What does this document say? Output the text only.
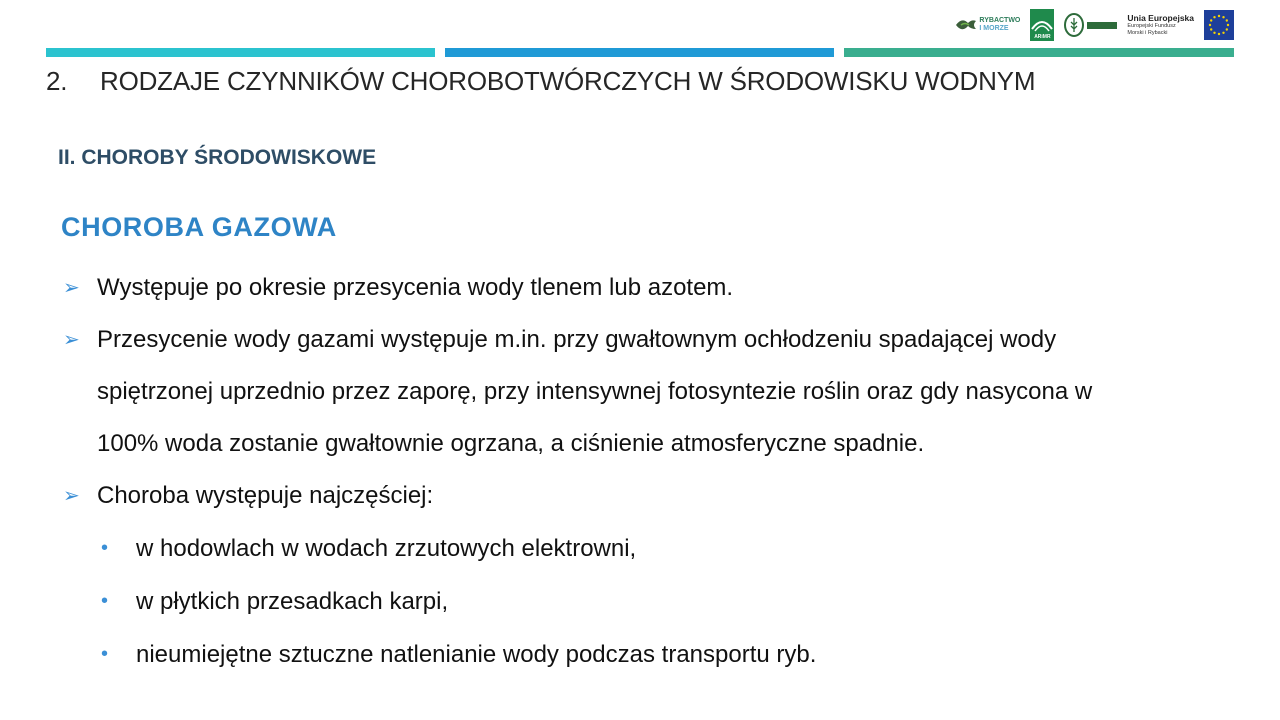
RYBACTWO
I MORZE
ARiMR
Unia Europejska
Europejski Fundusz
Morski i Rybacki
2.	RODZAJE CZYNNIKÓW CHOROBOTWÓRCZYCH W ŚRODOWISKU WODNYM
II. CHOROBY ŚRODOWISKOWE
CHOROBA GAZOWA
➢ Występuje po okresie przesycenia wody tlenem lub azotem.
➢ Przesycenie wody gazami występuje m.in. przy gwałtownym ochłodzeniu spadającej wody
spiętrzonej uprzednio przez zaporę, przy intensywnej fotosyntezie roślin oraz gdy nasycona w
100% woda zostanie gwałtownie ogrzana, a ciśnienie atmosferyczne spadnie.
➢ Choroba występuje najczęściej:
• w hodowlach w wodach zrzutowych elektrowni,
• w płytkich przesadkach karpi,
• nieumiejętne sztuczne natlenianie wody podczas transportu ryb.
